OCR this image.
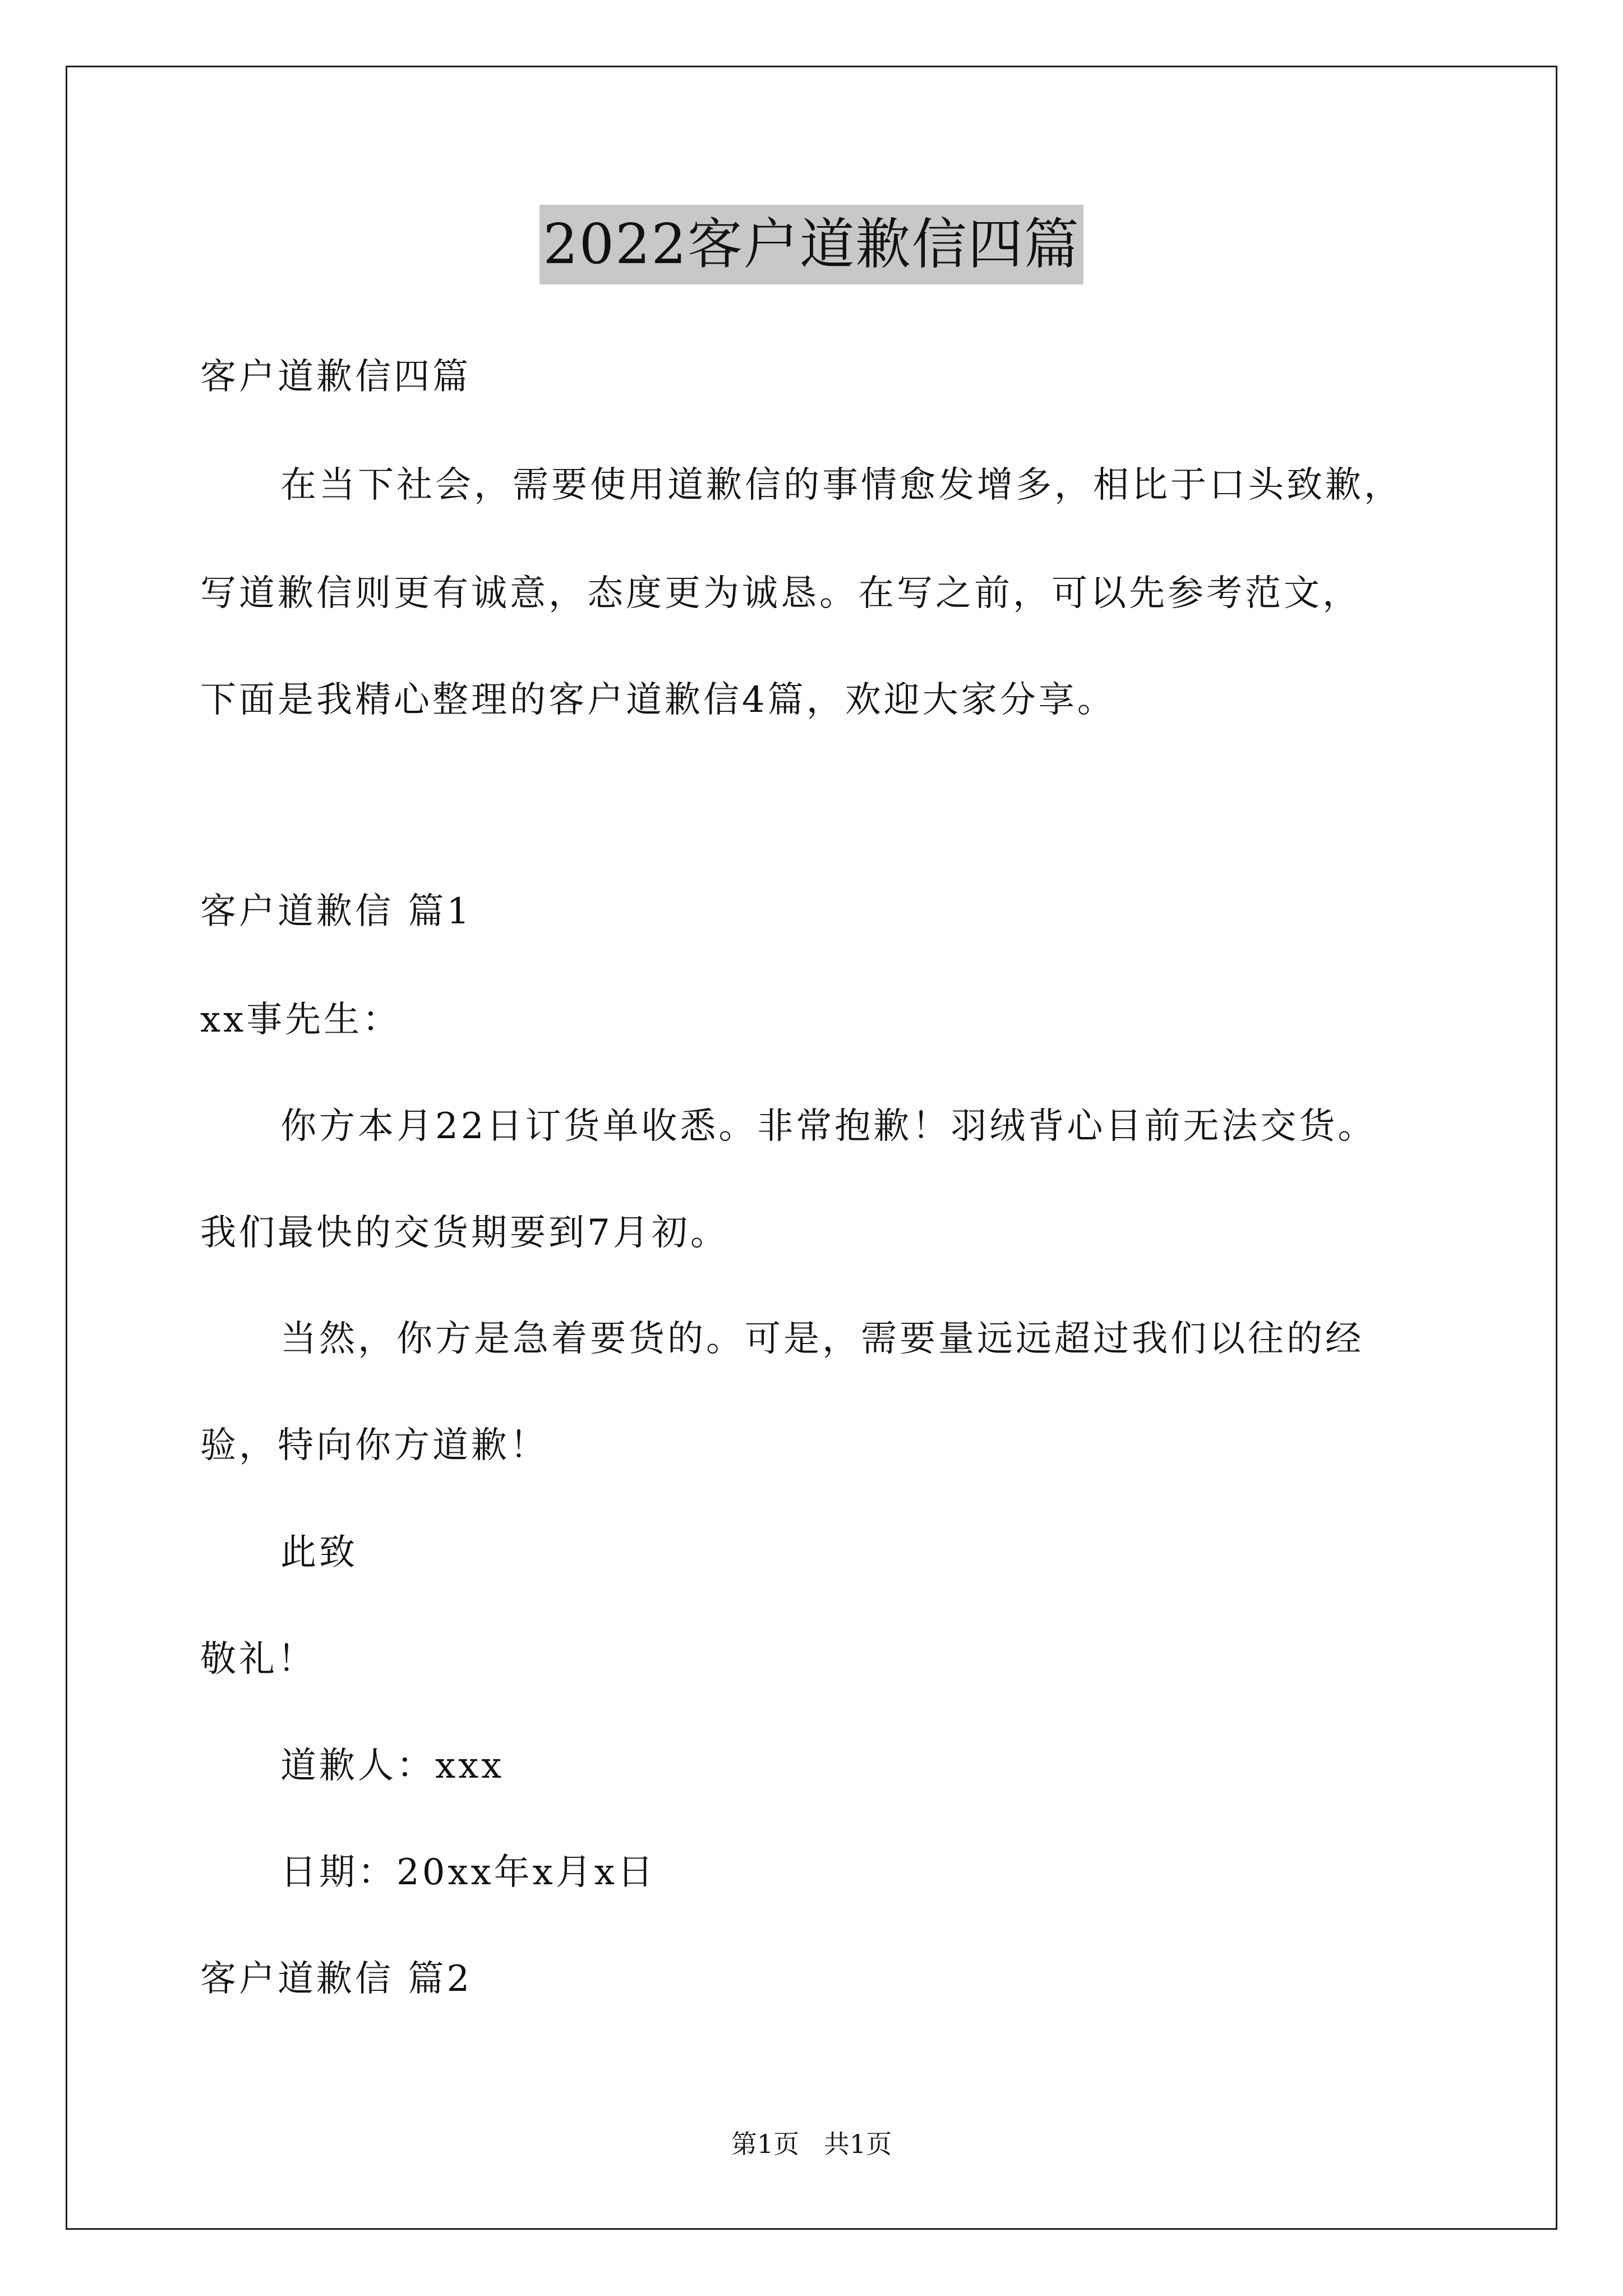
2022客户道歉信四篇
客户道歉信四篇
在当下社会，需要使用道歉信的事情愈发增多，相比于口头致歉，
写道歉信则更有诚意，态度更为诚恳。在写之前，可以先参考范文，
下面是我精心整理的客户道歉信4篇，欢迎大家分享。
客户道歉信 篇1
xx事先生：
你方本月22日订货单收悉。非常抱歉！羽绒背心目前无法交货。
我们最快的交货期要到7月初。
当然，你方是急着要货的。可是，需要量远远超过我们以往的经
验，特向你方道歉！
此致
敬礼！
道歉人：xxx
日期：20xx年x月x日
客户道歉信 篇2
第1页   共1页
